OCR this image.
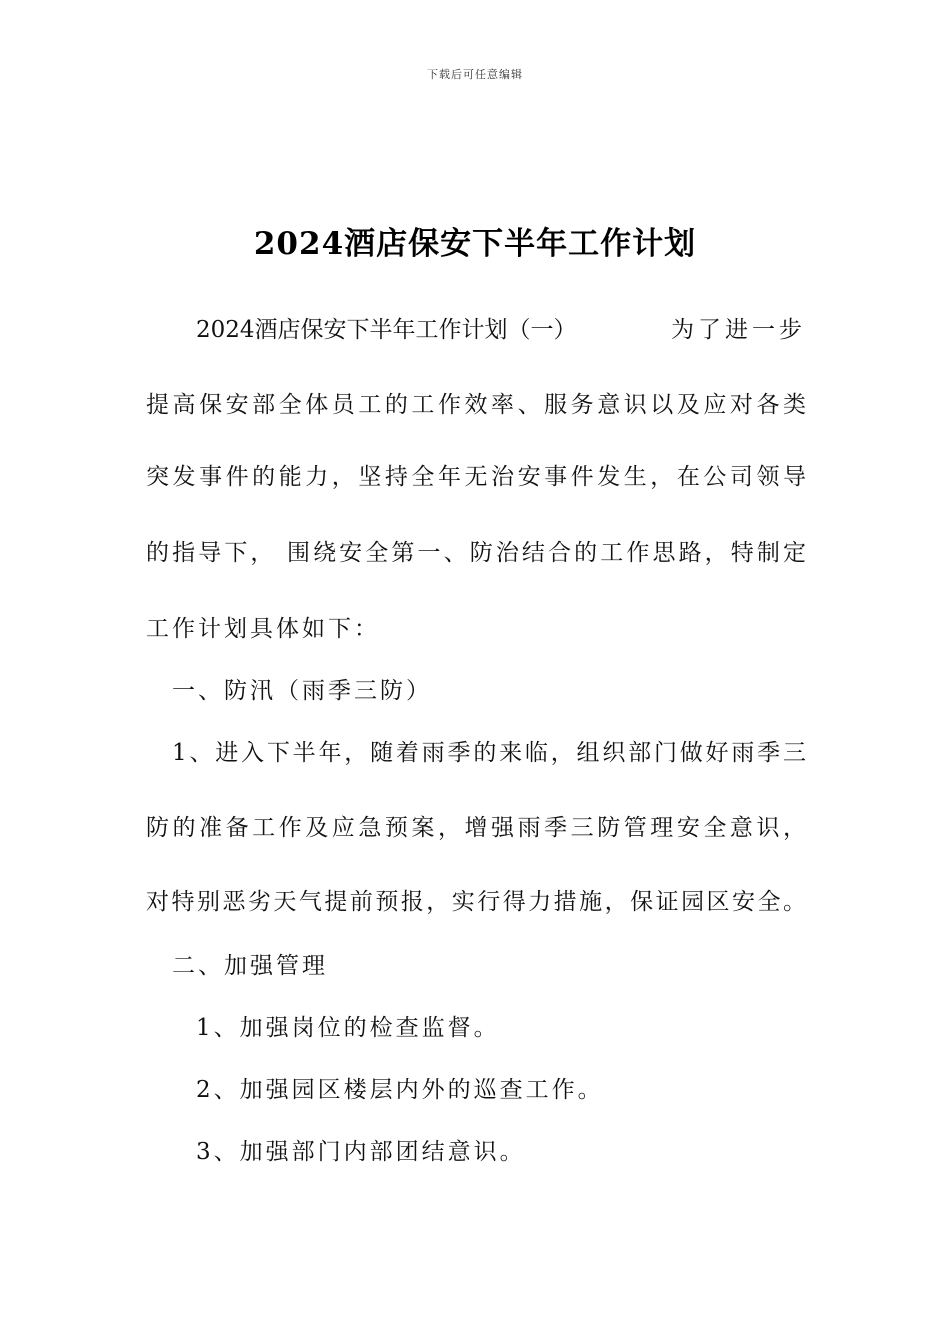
下载后可任意编辑
2024酒店保安下半年工作计划
2024酒店保安下半年工作计划（一）	为了进一步
提高保安部全体员工的工作效率、服务意识以及应对各类
突发事件的能力，坚持全年无治安事件发生，在公司领导
的指导下， 围绕安全第一、防治结合的工作思路，特制定
工作计划具体如下：
一、防汛（雨季三防）
1、进入下半年，随着雨季的来临，组织部门做好雨季三
防的准备工作及应急预案，增强雨季三防管理安全意识，
对特别恶劣天气提前预报，实行得力措施，保证园区安全。
二、加强管理
1、加强岗位的检查监督。
2、加强园区楼层内外的巡查工作。
3、加强部门内部团结意识。
